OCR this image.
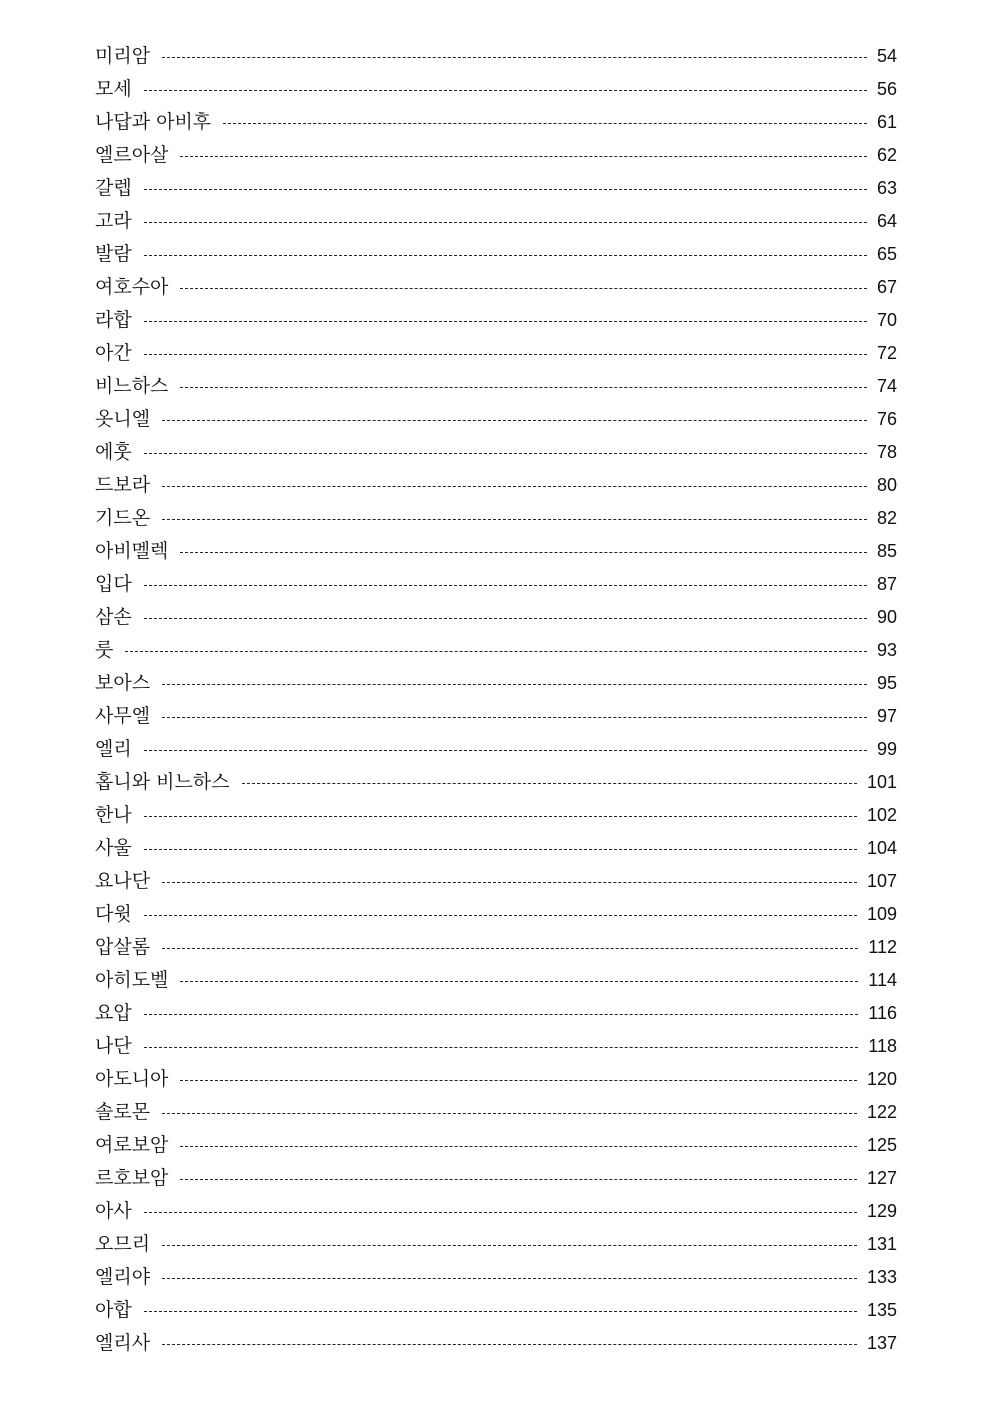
미리암	54
모세	56
나답과 아비후	61
엘르아살	62
갈렙	63
고라	64
발람	65
여호수아	67
라합	70
아간	72
비느하스	74
옷니엘	76
에훗	78
드보라	80
기드온	82
아비멜렉	85
입다	87
삼손	90
룻	93
보아스	95
사무엘	97
엘리	99
홉니와 비느하스	101
한나	102
사울	104
요나단	107
다윗	109
압살롬	112
아히도벨	114
요압	116
나단	118
아도니아	120
솔로몬	122
여로보암	125
르호보암	127
아사	129
오므리	131
엘리야	133
아합	135
엘리사	137
